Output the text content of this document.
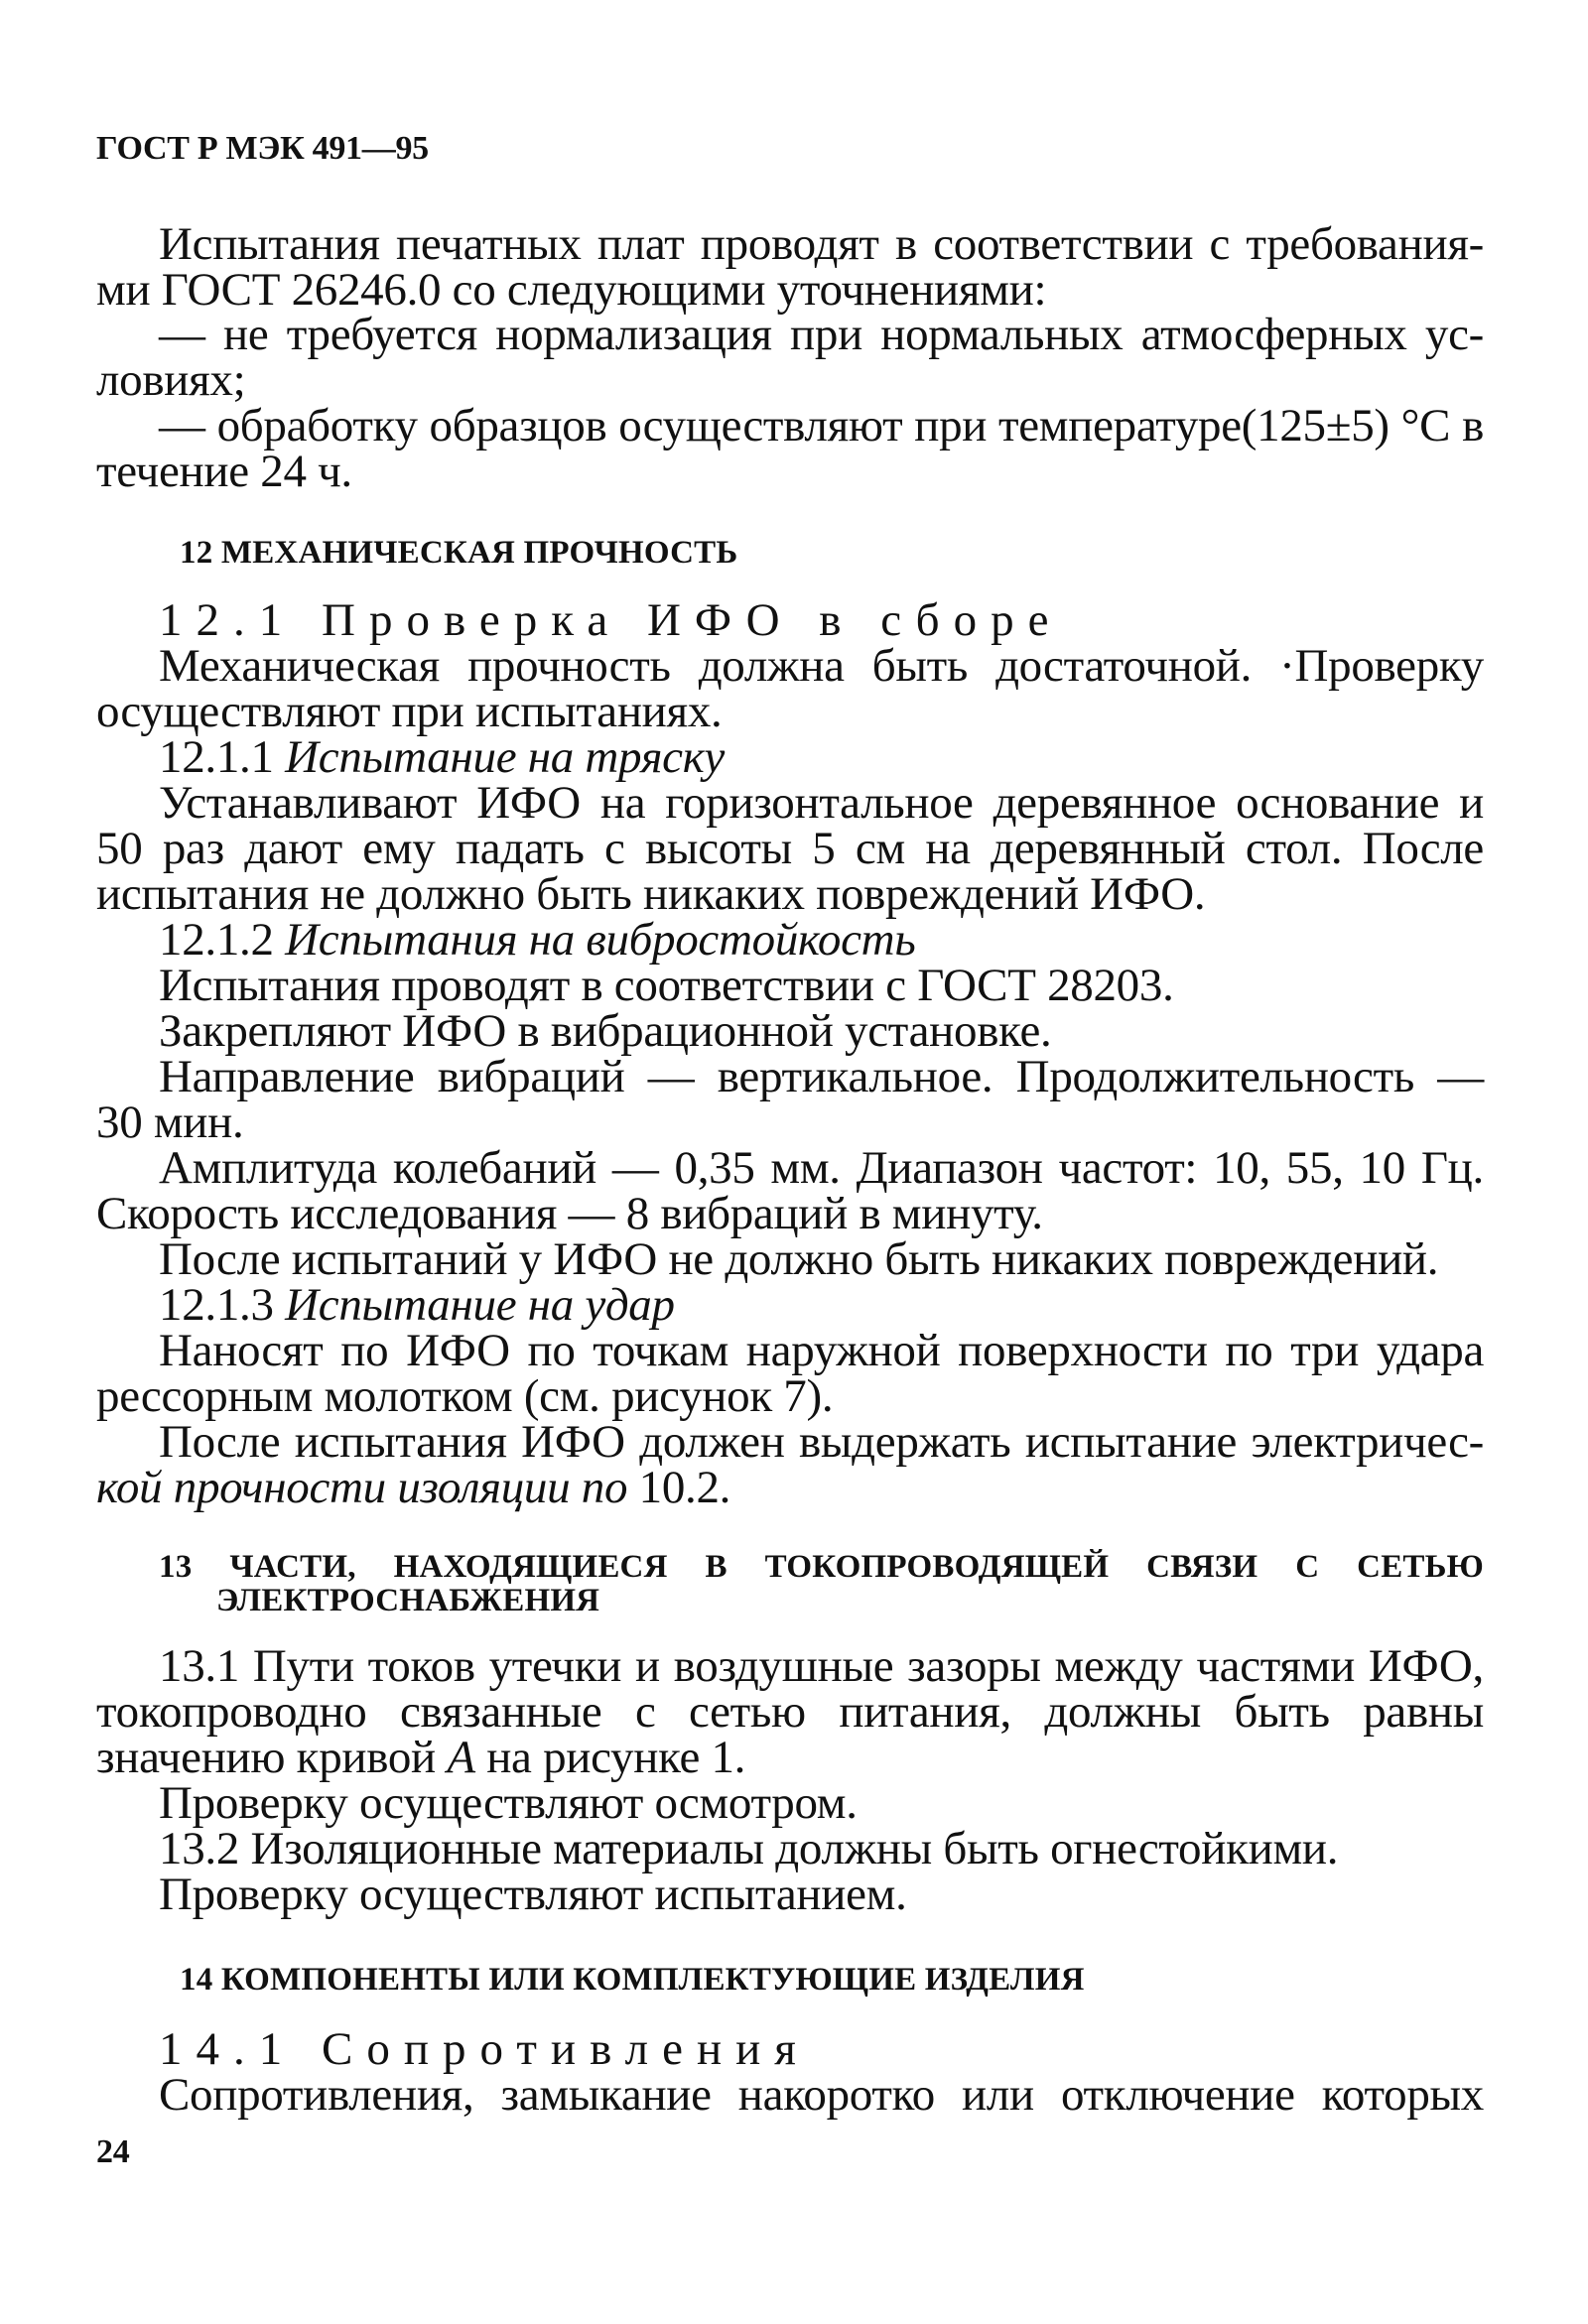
ГОСТ Р МЭК 491—95
Испытания печатных плат проводят в соответствии с требования-
ми ГОСТ 26246.0 со следующими уточнениями:
— не требуется нормализация при нормальных атмосферных ус-
ловиях;
— обработку образцов осуществляют при температуре(125±5) °С в
течение 24 ч.
12 МЕХАНИЧЕСКАЯ ПРОЧНОСТЬ
12.1 Проверка ИФО в сборе
Механическая прочность должна быть достаточной. ·Проверку
осуществляют при испытаниях.
12.1.1 Испытание на тряску
Устанавливают ИФО на горизонтальное деревянное основание и
50 раз дают ему падать с высоты 5 см на деревянный стол. После
испытания не должно быть никаких повреждений ИФО.
12.1.2 Испытания на вибростойкость
Испытания проводят в соответствии с ГОСТ 28203.
Закрепляют ИФО в вибрационной установке.
Направление вибраций — вертикальное. Продолжительность —
30 мин.
Амплитуда колебаний — 0,35 мм. Диапазон частот: 10, 55, 10 Гц.
Скорость исследования — 8 вибраций в минуту.
После испытаний у ИФО не должно быть никаких повреждений.
12.1.3 Испытание на удар
Наносят по ИФО по точкам наружной поверхности по три удара
рессорным молотком (см. рисунок 7).
После испытания ИФО должен выдержать испытание электричес-
кой прочности изоляции по 10.2.
13 ЧАСТИ, НАХОДЯЩИЕСЯ В ТОКОПРОВОДЯЩЕЙ СВЯЗИ С СЕТЬЮ
ЭЛЕКТРОСНАБЖЕНИЯ
13.1 Пути токов утечки и воздушные зазоры между частями ИФО,
токопроводно связанные с сетью питания, должны быть равны
значению кривой А на рисунке 1.
Проверку осуществляют осмотром.
13.2 Изоляционные материалы должны быть огнестойкими.
Проверку осуществляют испытанием.
14 КОМПОНЕНТЫ ИЛИ КОМПЛЕКТУЮЩИЕ ИЗДЕЛИЯ
14.1 Сопротивления
Сопротивления, замыкание накоротко или отключение которых
24
